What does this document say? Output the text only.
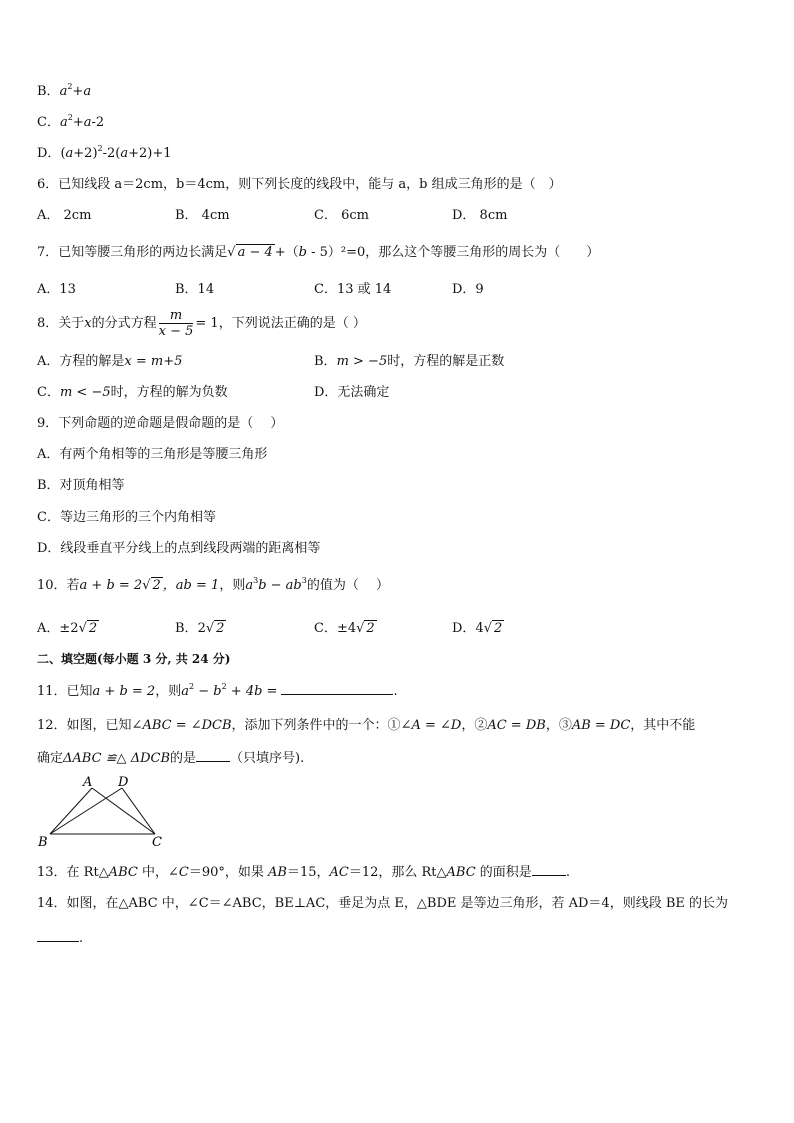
B．$a^2+a$
C．$a^2+a-2$
D．$(a+2)^2-2(a+2)+1$
6．已知线段 a＝2cm，b＝4cm，则下列长度的线段中，能与 a，b 组成三角形的是（　）
A． 2cm	B． 4cm	C． 6cm	D． 8cm
7．已知等腰三角形的两边长满足√ a − 4 +（b - 5）²=0，那么这个等腰三角形的周长为（　　）
A．13	B．14	C．13 或 14	D．9
8．关于x的分式方程 $\frac{m}{x - 5} = 1$，下列说法正确的是（ ）
A．方程的解是x = m+5	B．m > −5时，方程的解是正数
C．m < −5时，方程的解为负数	D．无法确定
9．下列命题的逆命题是假命题的是（　 ）
A．有两个角相等的三角形是等腰三角形
B．对顶角相等
C．等边三角形的三个内角相等
D．线段垂直平分线上的点到线段两端的距离相等
10．若a + b = 2√ 2 ，ab = 1，则$a^3b - ab^3$的值为（　 ）
A．±2√ 2	B．2√ 2	C．±4√ 2	D．4√ 2
二、填空题(每小题 3 分, 共 24 分)
11．已知a + b = 2，则$a^2 - b^2 + 4b$ =	.
12．如图，已知∠ABC = ∠DCB，添加下列条件中的一个：①∠A = ∠D，②AC = DB，③AB = DC，其中不能
确定ΔABC ≌△ ΔDCB的是	（只填序号).
A D
B	C
13．在 Rt△ABC 中，∠C＝90°，如果 AB＝15，AC＝12，那么 Rt△ABC 的面积是	.
14．如图，在△ABC 中，∠C＝∠ABC，BE⊥AC，垂足为点 E，△BDE 是等边三角形，若 AD＝4，则线段 BE 的长为
.
